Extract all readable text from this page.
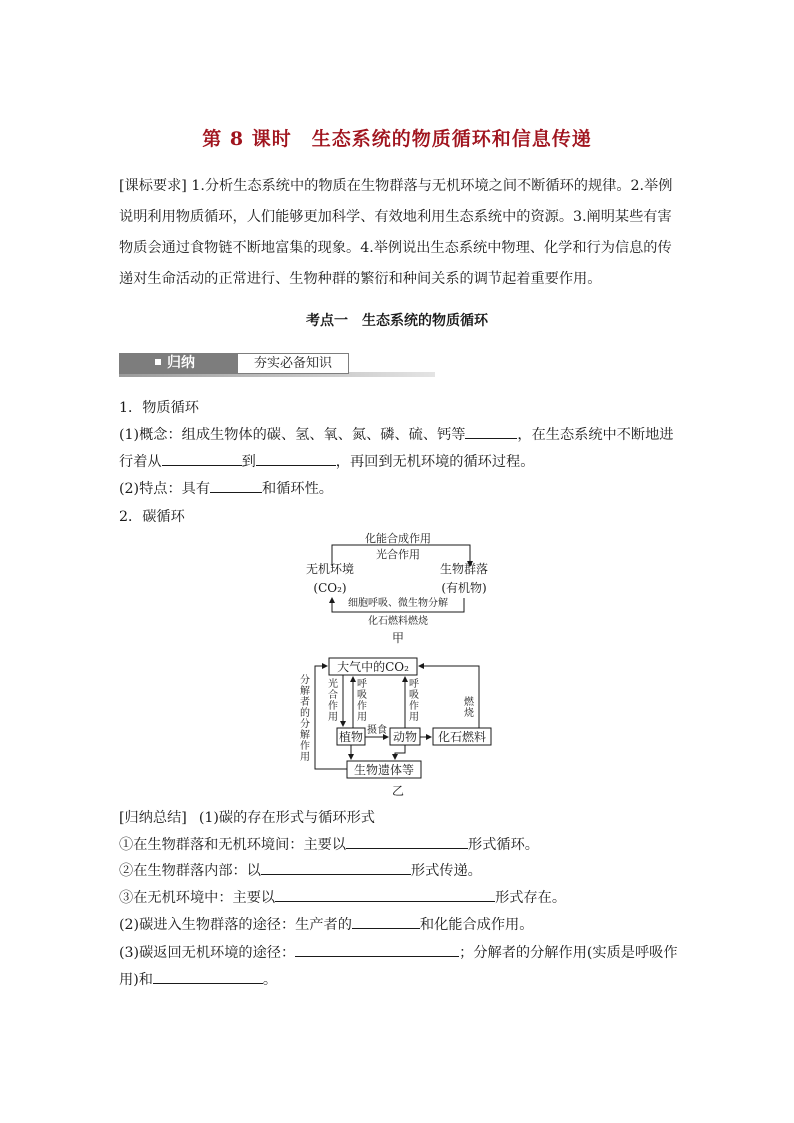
第 8 课时　生态系统的物质循环和信息传递
[课标要求] 1.分析生态系统中的物质在生物群落与无机环境之间不断循环的规律。2.举例说明利用物质循环，人们能够更加科学、有效地利用生态系统中的资源。3.阐明某些有害物质会通过食物链不断地富集的现象。4.举例说出生态系统中物理、化学和行为信息的传递对生命活动的正常进行、生物种群的繁衍和种间关系的调节起着重要作用。
考点一　生态系统的物质循环
归纳	夯实必备知识
1．物质循环
(1)概念：组成生物体的碳、氢、氧、氮、磷、硫、钙等	，在生态系统中不断地进
行着从	到	，再回到无机环境的循环过程。
(2)特点：具有	和循环性。
2．碳循环
化能合成作用
光合作用
无机环境
(CO₂)
生物群落
(有机物)
细胞呼吸、微生物分解
化石燃料燃烧
甲
大气中的CO₂
植物 动物 化石燃料
生物遗体等
光
合
作
用
呼
吸
作
用
呼
吸
作
用
燃
烧
分
解
者
的
分
解
作
用
摄食
乙
[归纳总结] (1)碳的存在形式与循环形式
①在生物群落和无机环境间：主要以	形式循环。
②在生物群落内部：以	形式传递。
③在无机环境中：主要以	形式存在。
(2)碳进入生物群落的途径：生产者的	和化能合成作用。
(3)碳返回无机环境的途径：	；分解者的分解作用(实质是呼吸作
用)和	。
